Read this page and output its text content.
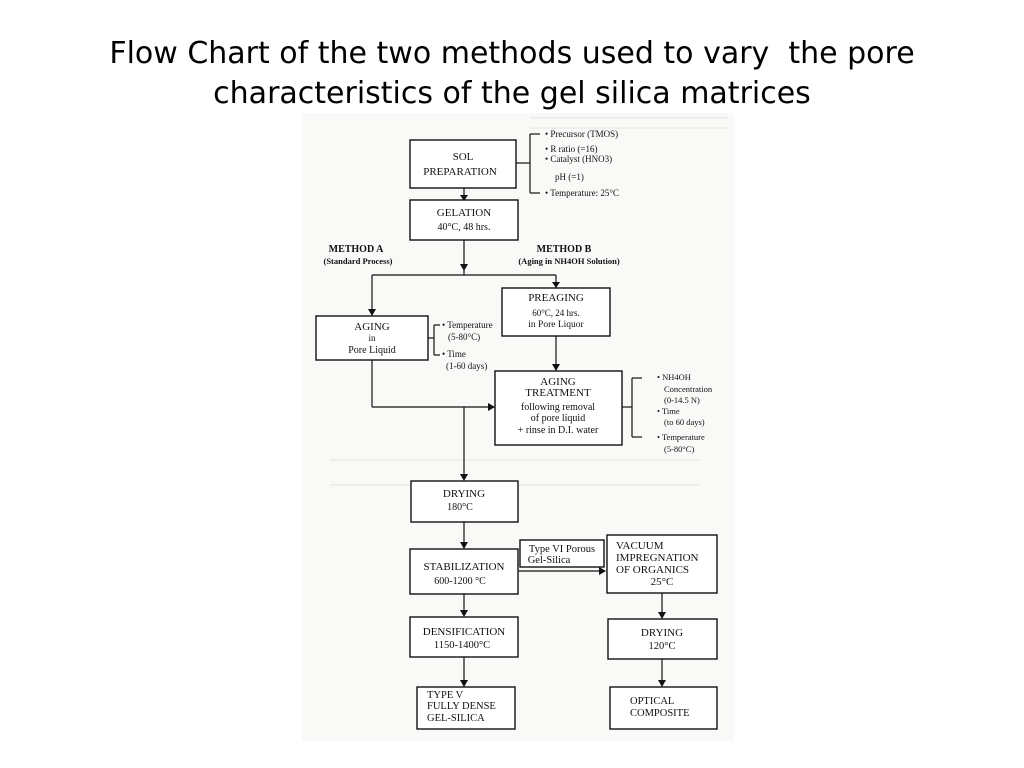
Flow Chart of the two methods used to vary  the pore
characteristics of the gel silica matrices
SOL
PREPARATION
• Precursor (TMOS)
• R ratio (=16)
• Catalyst (HNO3)
pH (=1)
• Temperature: 25°C
GELATION
40°C, 48 hrs.
METHOD A
(Standard Process)
METHOD B
(Aging in NH4OH Solution)
AGING
in
Pore Liquid
• Temperature
(5-80°C)
• Time
(1-60 days)
PREAGING
60°C, 24 hrs.
in Pore Liquor
AGING
TREATMENT
following removal
of pore liquid
+ rinse in D.I. water
• NH4OH
Concentration
(0-14.5 N)
• Time
(to 60 days)
• Temperature
(5-80°C)
DRYING
180°C
STABILIZATION
600-1200 °C
Type VI Porous
Gel-Silica
VACUUM
IMPREGNATION
OF ORGANICS
25°C
DENSIFICATION
1150-1400°C
DRYING
120°C
TYPE V
FULLY DENSE
GEL-SILICA
OPTICAL
COMPOSITE
